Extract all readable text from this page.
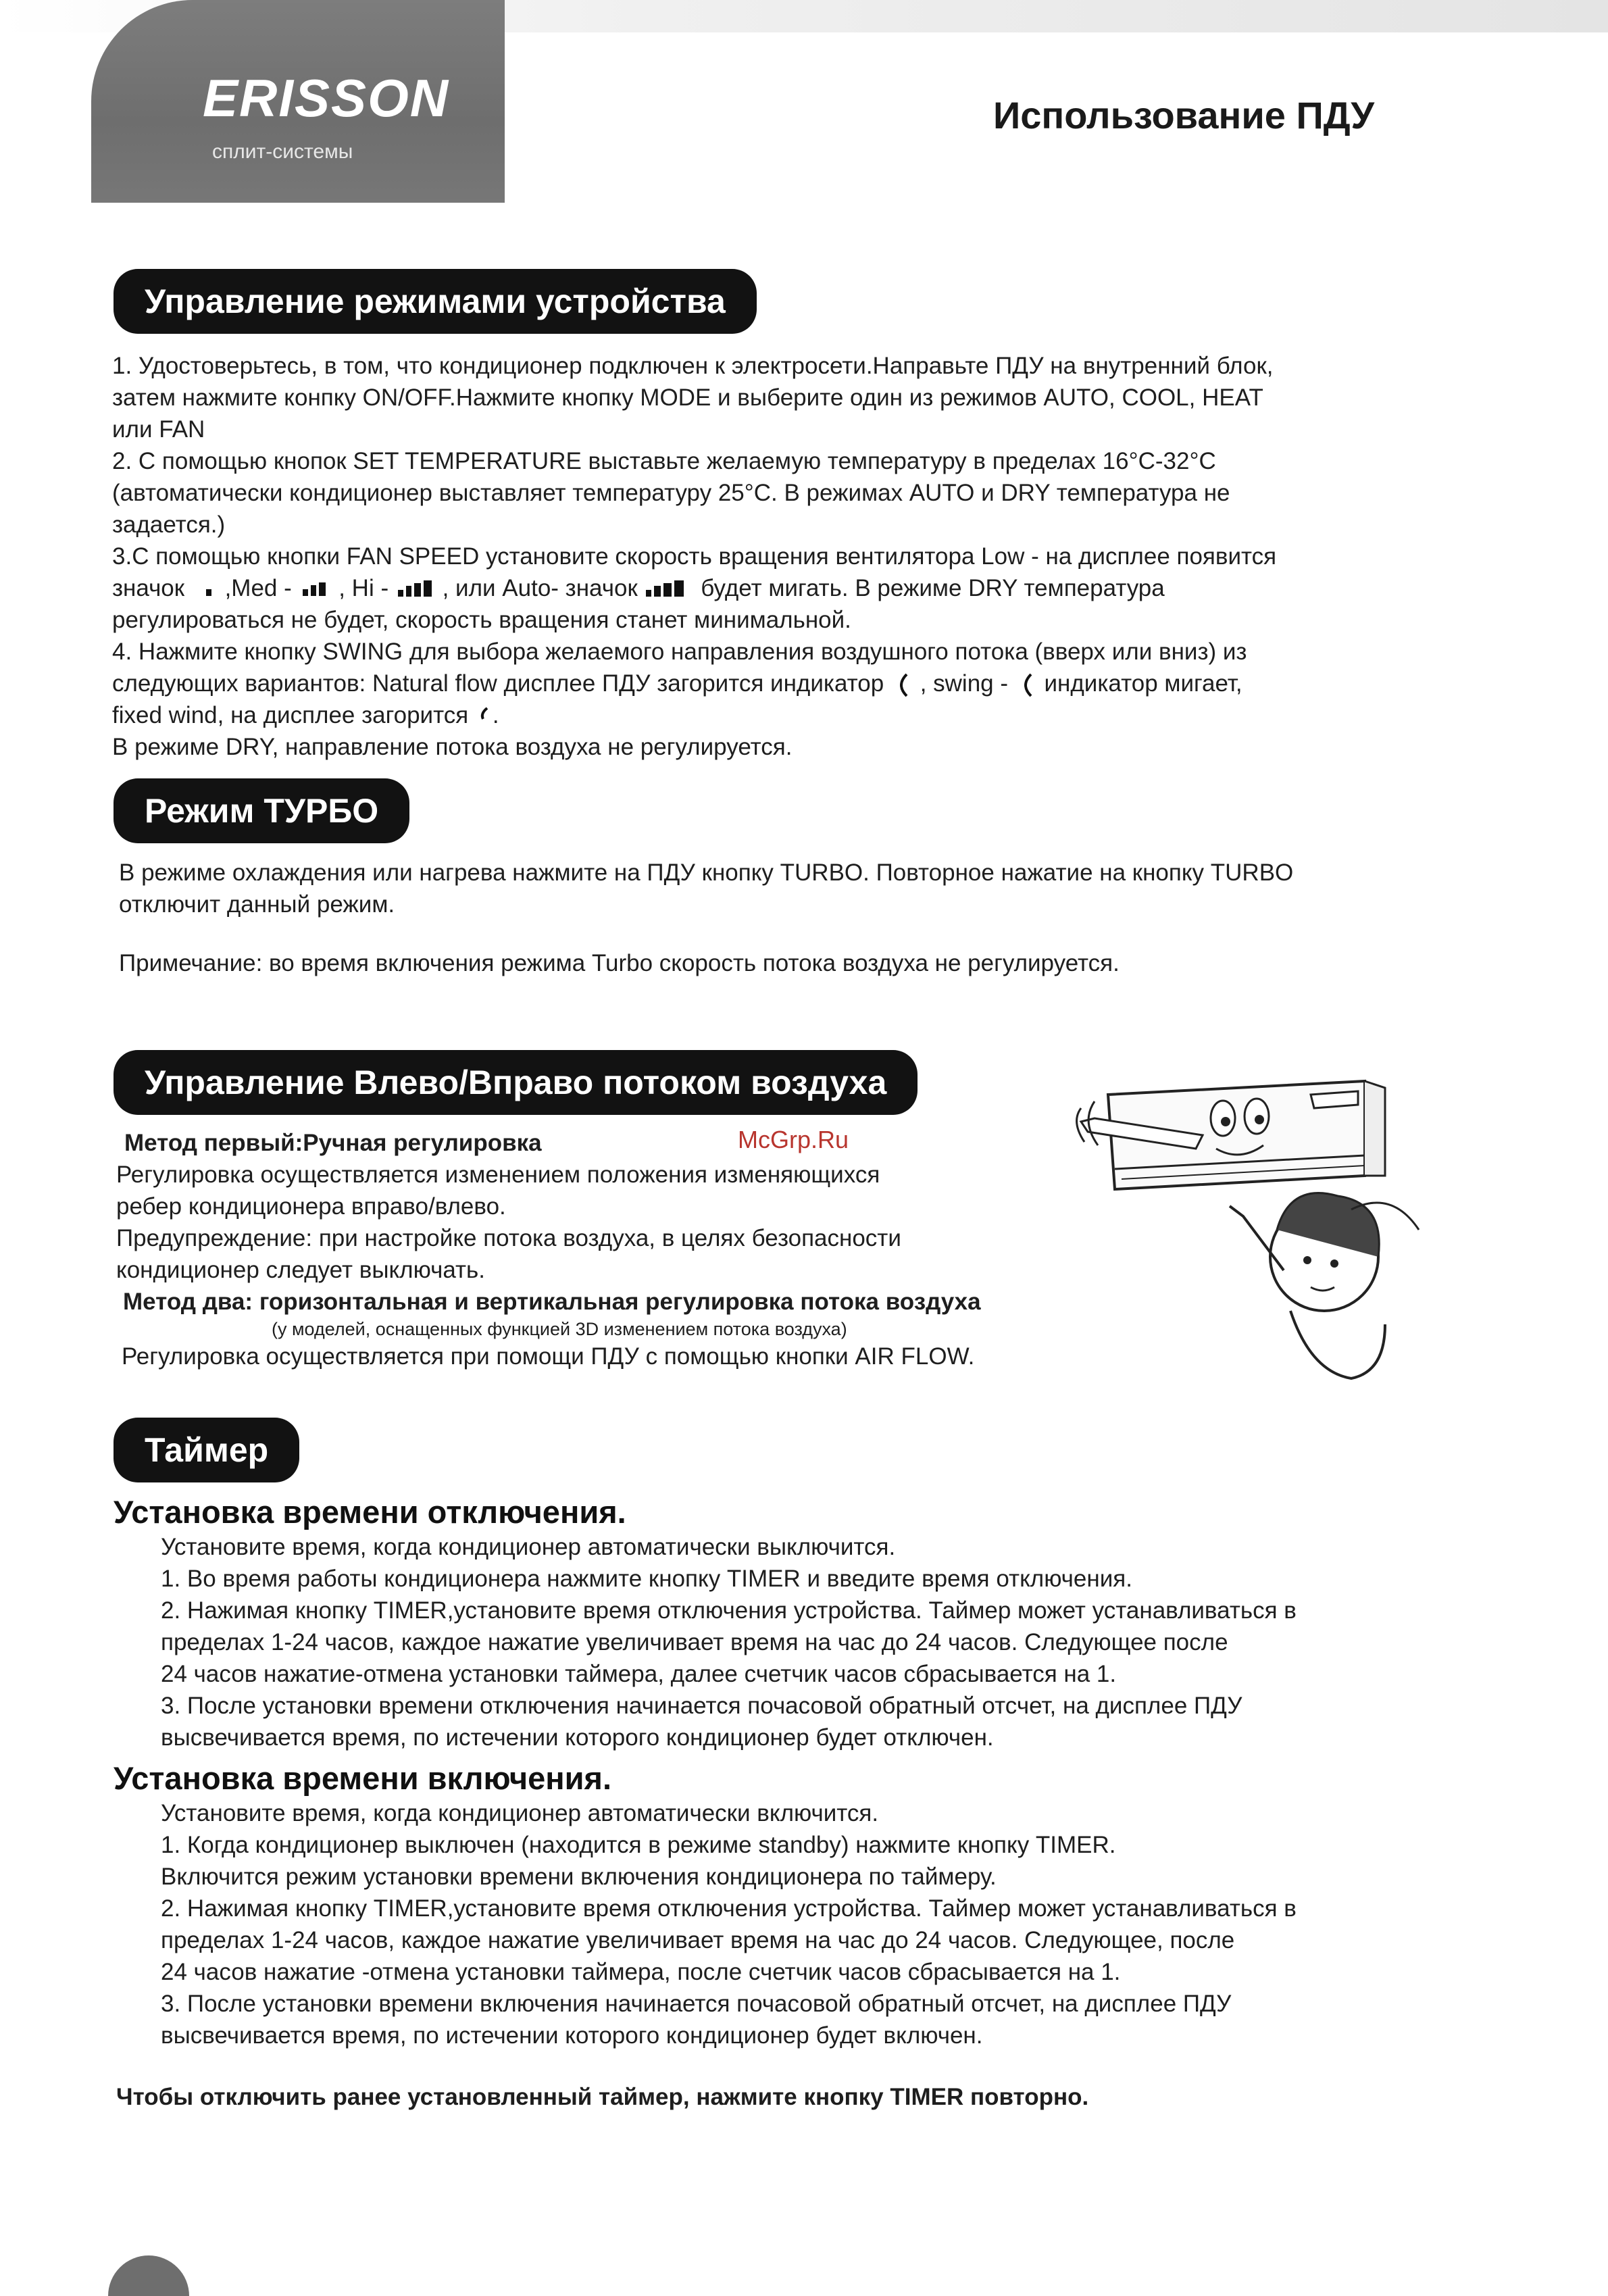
ERISSON
сплит-системы
Использование ПДУ
Управление режимами устройства

1. Удостоверьтесь, в том, что кондиционер подключен к электросети.Направьте ПДУ на внутренний блок,

затем нажмите конпку ON/OFF.Нажмите кнопку MODE и выберите один из режимов AUTO, COOL, HEAT

или FAN

2. С помощью кнопок SET TEMPERATURE выставьте желаемую температуру в пределах 16°С-32°С

(автоматически кондиционер выставляет температуру 25°С. В режимах AUTO и DRY температура не

задается.)

3.С помощью кнопки FAN SPEED установите скорость вращения вентилятора Low - на дисплее появится

значок ,Med - , Hi - , или Auto- значок	будет мигать. В режиме DRY температура

регулироваться не будет, скорость вращения станет минимальной.

4. Нажмите кнопку SWING для выбора желаемого направления воздушного потока (вверх или вниз) из

следующих вариантов: Natural flow дисплее ПДУ загорится индикатор , swing - индикатор мигает,

fixed wind, на дисплее загорится .

В режиме DRY, направление потока воздуха не регулируется.

Режим ТУРБО

В режиме охлаждения или нагрева нажмите на ПДУ кнопку TURBO. Повторное нажатие на кнопку TURBO

отключит данный режим.

Примечание: во время включения режима Turbo скорость потока воздуха не регулируется.

Управление Влево/Вправо потоком воздуха
McGrp.Ru

Метод первый:Ручная регулировка

Регулировка осуществляется изменением положения изменяющихся

ребер кондиционера вправо/влево.

Предупреждение: при настройке потока воздуха, в целях безопасности

кондиционер следует выключать.

Метод два: горизонтальная и вертикальная регулировка потока воздуха

(у моделей, оснащенных функцией 3D изменением потока воздуха)

Регулировка осуществляется при помощи ПДУ с помощью кнопки AIR FLOW.

Таймер
Установка времени отключения.

Установите время, когда кондиционер автоматически выключится.

1. Во время работы кондиционера нажмите кнопку TIMER и введите время отключения.

2. Нажимая кнопку TIMER,установите время отключения устройства. Таймер может устанавливаться в

пределах 1-24 часов, каждое нажатие увеличивает время на час до 24 часов. Следующее после

24 часов нажатие-отмена установки таймера, далее счетчик часов сбрасывается на 1.

3. После установки времени отключения начинается почасовой обратный отсчет, на дисплее ПДУ

высвечивается время, по истечении которого кондиционер будет отключен.

Установка времени включения.

Установите время, когда кондиционер автоматически включится.

1. Когда кондиционер выключен (находится в режиме standby) нажмите кнопку TIMER.

Включится режим установки времени включения кондиционера по таймеру.

2. Нажимая кнопку TIMER,установите время отключения устройства. Таймер может устанавливаться в

пределах 1-24 часов, каждое нажатие увеличивает время на час до 24 часов. Следующее, после

24 часов нажатие -отмена установки таймера, после счетчик часов сбрасывается на 1.

3. После установки времени включения начинается почасовой обратный отсчет, на дисплее ПДУ

высвечивается время, по истечении которого кондиционер будет включен.

Чтобы отключить ранее установленный таймер, нажмите кнопку TIMER повторно.
